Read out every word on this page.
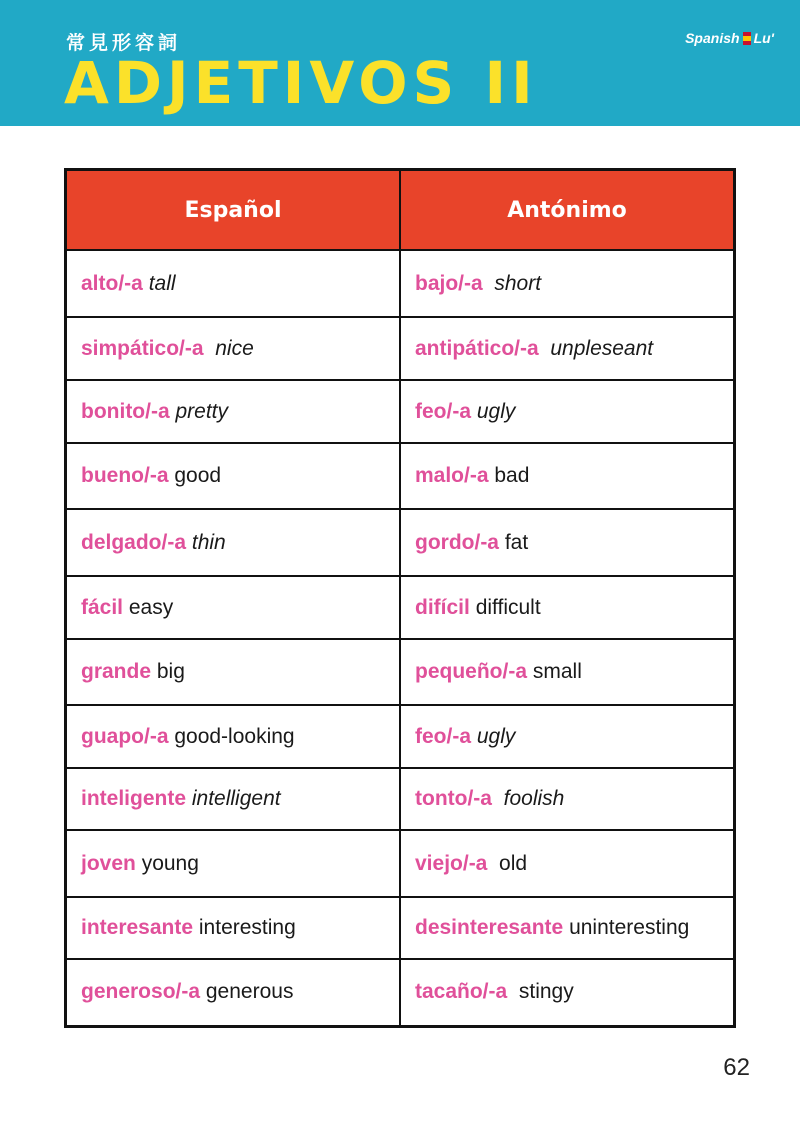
常見形容詞
ADJETIVOS II
Spanish Lu'
Español	Antónimo
alto/-a tall	bajo/-a short
simpático/-a nice	antipático/-a unpleseant
bonito/-a pretty	feo/-a ugly
bueno/-a good	malo/-a bad
delgado/-a thin	gordo/-a fat
fácil easy	difícil difficult
grande big	pequeño/-a small
guapo/-a good-looking	feo/-a ugly
inteligente intelligent	tonto/-a foolish
joven young	viejo/-a old
interesante interesting	desinteresante uninteresting
generoso/-a generous	tacaño/-a stingy
62
